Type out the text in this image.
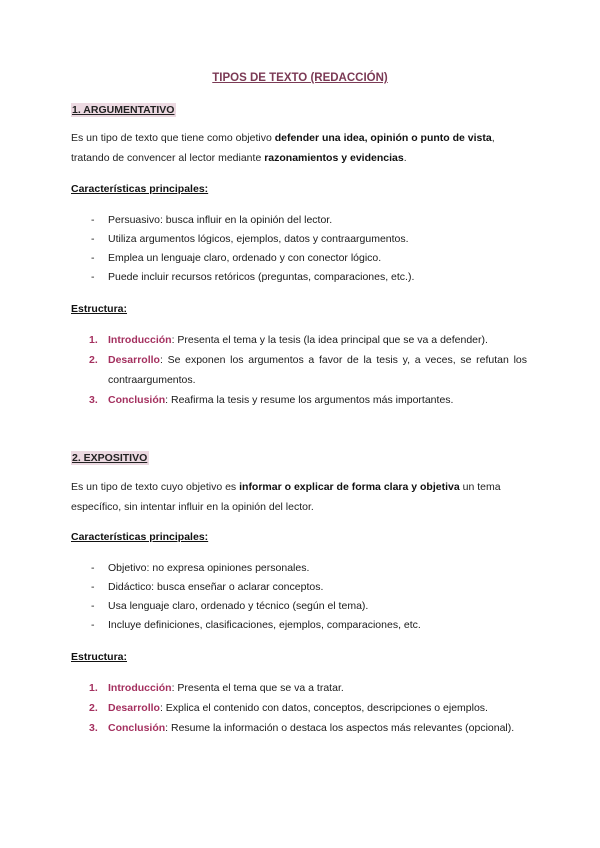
TIPOS DE TEXTO (REDACCIÓN)
1. ARGUMENTATIVO
Es un tipo de texto que tiene como objetivo defender una idea, opinión o punto de vista, tratando de convencer al lector mediante razonamientos y evidencias.
Características principales:
- Persuasivo: busca influir en la opinión del lector.
- Utiliza argumentos lógicos, ejemplos, datos y contraargumentos.
- Emplea un lenguaje claro, ordenado y con conector lógico.
- Puede incluir recursos retóricos (preguntas, comparaciones, etc.).
Estructura:
1. Introducción: Presenta el tema y la tesis (la idea principal que se va a defender).
2. Desarrollo: Se exponen los argumentos a favor de la tesis y, a veces, se refutan los contraargumentos.
3. Conclusión: Reafirma la tesis y resume los argumentos más importantes.
2. EXPOSITIVO
Es un tipo de texto cuyo objetivo es informar o explicar de forma clara y objetiva un tema específico, sin intentar influir en la opinión del lector.
Características principales:
- Objetivo: no expresa opiniones personales.
- Didáctico: busca enseñar o aclarar conceptos.
- Usa lenguaje claro, ordenado y técnico (según el tema).
- Incluye definiciones, clasificaciones, ejemplos, comparaciones, etc.
Estructura:
1. Introducción: Presenta el tema que se va a tratar.
2. Desarrollo: Explica el contenido con datos, conceptos, descripciones o ejemplos.
3. Conclusión: Resume la información o destaca los aspectos más relevantes (opcional).
